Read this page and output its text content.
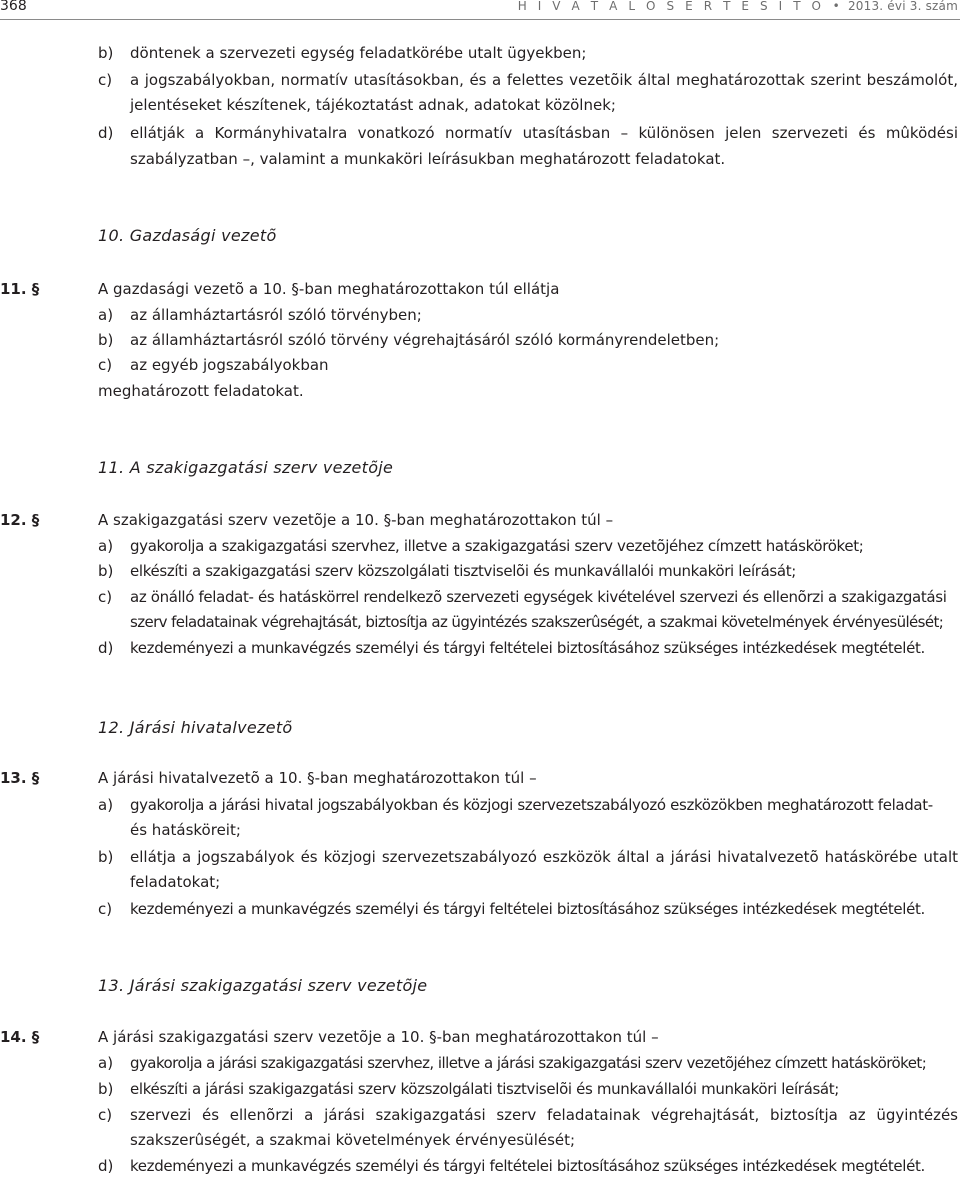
368	H I V A T A L O S É R T E S Í T Õ • 2013. évi 3. szám
b) döntenek a szervezeti egység feladatkörébe utalt ügyekben;
c) a jogszabályokban, normatív utasításokban, és a felettes vezetõik által meghatározottak szerint beszámolót,
jelentéseket készítenek, tájékoztatást adnak, adatokat közölnek;
d) ellátják a Kormányhivatalra vonatkozó normatív utasításban – különösen jelen szervezeti és mûködési
szabályzatban –, valamint a munkaköri leírásukban meghatározott feladatokat.
10. Gazdasági vezetõ
11. §	A gazdasági vezetõ a 10. §-ban meghatározottakon túl ellátja
a) az államháztartásról szóló törvényben;
b) az államháztartásról szóló törvény végrehajtásáról szóló kormányrendeletben;
c) az egyéb jogszabályokban
meghatározott feladatokat.
11. A szakigazgatási szerv vezetõje
12. §	A szakigazgatási szerv vezetõje a 10. §-ban meghatározottakon túl –
a) gyakorolja a szakigazgatási szervhez, illetve a szakigazgatási szerv vezetõjéhez címzett hatásköröket;
b) elkészíti a szakigazgatási szerv közszolgálati tisztviselõi és munkavállalói munkaköri leírását;
c) az önálló feladat- és hatáskörrel rendelkezõ szervezeti egységek kivételével szervezi és ellenõrzi a szakigazgatási
szerv feladatainak végrehajtását, biztosítja az ügyintézés szakszerûségét, a szakmai követelmények érvényesülését;
d) kezdeményezi a munkavégzés személyi és tárgyi feltételei biztosításához szükséges intézkedések megtételét.
12. Járási hivatalvezetõ
13. §	A járási hivatalvezetõ a 10. §-ban meghatározottakon túl –
a) gyakorolja a járási hivatal jogszabályokban és közjogi szervezetszabályozó eszközökben meghatározott feladat-
és hatásköreit;
b) ellátja a jogszabályok és közjogi szervezetszabályozó eszközök által a járási hivatalvezetõ hatáskörébe utalt
feladatokat;
c) kezdeményezi a munkavégzés személyi és tárgyi feltételei biztosításához szükséges intézkedések megtételét.
13. Járási szakigazgatási szerv vezetõje
14. §	A járási szakigazgatási szerv vezetõje a 10. §-ban meghatározottakon túl –
a) gyakorolja a járási szakigazgatási szervhez, illetve a járási szakigazgatási szerv vezetõjéhez címzett hatásköröket;
b) elkészíti a járási szakigazgatási szerv közszolgálati tisztviselõi és munkavállalói munkaköri leírását;
c) szervezi és ellenõrzi a járási szakigazgatási szerv feladatainak végrehajtását, biztosítja az ügyintézés
szakszerûségét, a szakmai követelmények érvényesülését;
d) kezdeményezi a munkavégzés személyi és tárgyi feltételei biztosításához szükséges intézkedések megtételét.
